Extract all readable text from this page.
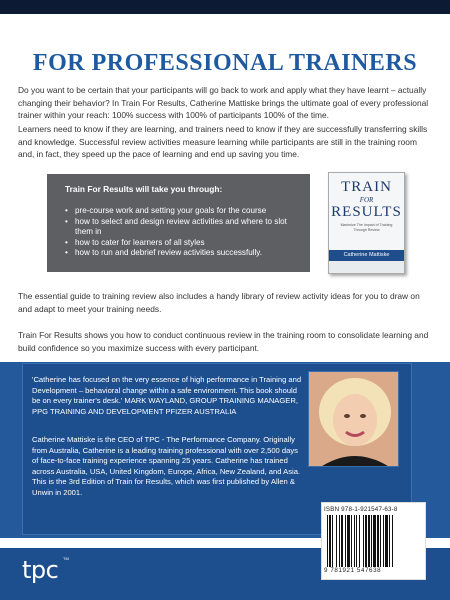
FOR PROFESSIONAL TRAINERS

Do you want to be certain that your participants will go back to work and apply what they have learnt – actually changing their behavior? In Train For Results, Catherine Mattiske brings the ultimate goal of every professional trainer within your reach: 100% success with 100% of participants 100% of the time.

Learners need to know if they are learning, and trainers need to know if they are successfully transferring skills and knowledge. Successful review activities measure learning while participants are still in the training room and, in fact, they speed up the pace of learning and end up saving you time.

Train For Results will take you through:
• pre-course work and setting your goals for the course
• how to select and design review activities and where to slot them in
• how to cater for learners of all styles
• how to run and debrief review activities successfully.
TRAIN
FOR
RESULTS
Maximize The Impact of Training Through Review
Catherine Mattiske

The essential guide to training review also includes a handy library of review activity ideas for you to draw on and adapt to meet your training needs.

Train For Results shows you how to conduct continuous review in the training room to consolidate learning and build confidence so you maximize success with every participant.

'Catherine has focused on the very essence of high performance in Training and Development – behavioral change within a safe environment. This book should be on every trainer's desk.' MARK WAYLAND, GROUP TRAINING MANAGER, PPG TRAINING AND DEVELOPMENT PFIZER AUSTRALIA

Catherine Mattiske is the CEO of TPC - The Performance Company. Originally from Australia, Catherine is a leading training professional with over 2,500 days of face-to-face training experience spanning 25 years. Catherine has trained across Australia, USA, United Kingdom, Europe, Africa, New Zealand, and Asia. This is the 3rd Edition of Train for Results, which was first published by Allen & Unwin in 2001.

tpc TM
ISBN 978-1-921547-63-8
9 781921 547638
